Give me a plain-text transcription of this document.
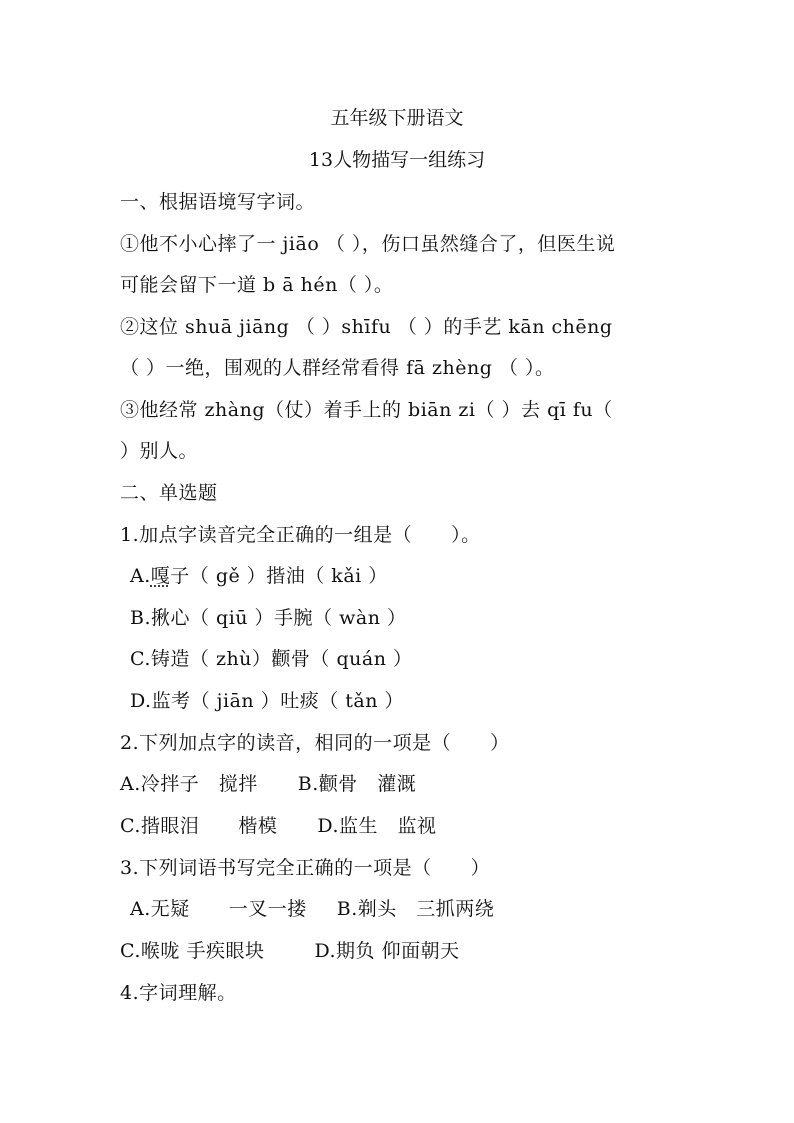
五年级下册语文
13人物描写一组练习
一、根据语境写字词。
①他不小心摔了一 jiāo （ ），伤口虽然缝合了，但医生说
可能会留下一道 b ā hén（ ）。
②这位 shuā jiāng （ ）shīfu （ ）的手艺 kān chēng
（ ）一绝，围观的人群经常看得 fā zhèng （ ）。
③他经常 zhàng（仗）着手上的 biān zi（ ）去 qī fu（
）别人。
二、单选题
1.加点字读音完全正确的一组是（　　）。
A.嘎子（ gě ）揩油（ kǎi ）
B.揪心（ qiū ）手腕（ wàn ）
C.铸造（ zhù）颧骨（ quán ）
D.监考（ jiān ）吐痰（ tǎn ）
2.下列加点字的读音，相同的一项是（　　）
A.冷拌子　搅拌 B.颧骨　灌溉
C.揩眼泪　　楷模 D.监生　监视
3.下列词语书写完全正确的一项是（　　）
A.无疑　　一叉一搂 B.剃头　三抓两绕
C.喉咙 手疾眼块	D.期负 仰面朝天
4.字词理解。
